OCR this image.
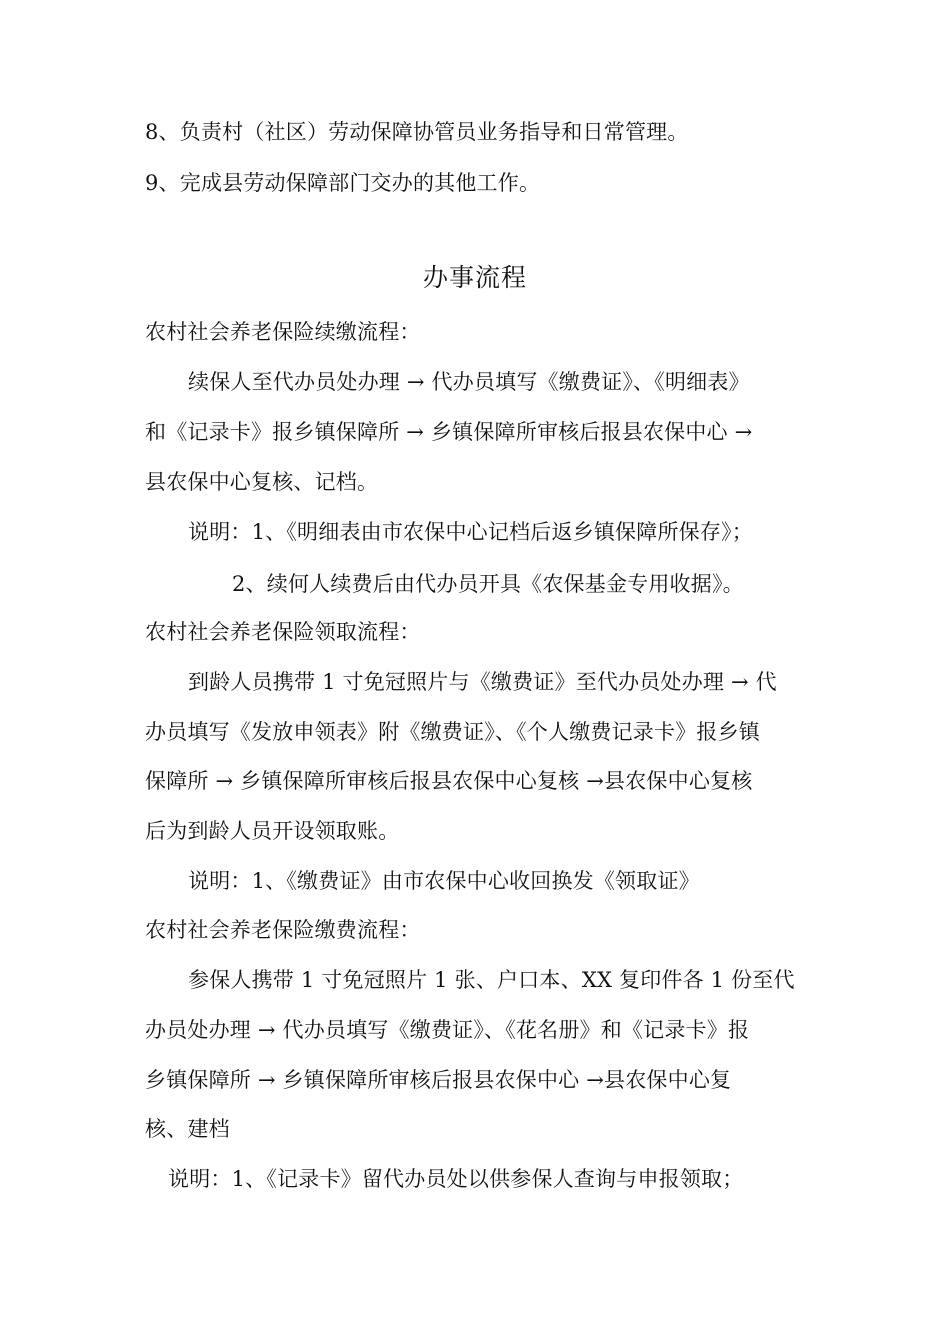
8、负责村（社区）劳动保障协管员业务指导和日常管理。
9、完成县劳动保障部门交办的其他工作。
办事流程
农村社会养老保险续缴流程：
续保人至代办员处办理 → 代办员填写《缴费证》、《明细表》
和《记录卡》报乡镇保障所 → 乡镇保障所审核后报县农保中心 →
县农保中心复核、记档。
说明：1、《明细表由市农保中心记档后返乡镇保障所保存》；
2、续何人续费后由代办员开具《农保基金专用收据》。
农村社会养老保险领取流程：
到龄人员携带 1 寸免冠照片与《缴费证》至代办员处办理 → 代
办员填写《发放申领表》附《缴费证》、《个人缴费记录卡》报乡镇
保障所 → 乡镇保障所审核后报县农保中心复核 →县农保中心复核
后为到龄人员开设领取账。
说明：1、《缴费证》由市农保中心收回换发《领取证》
农村社会养老保险缴费流程：
参保人携带 1 寸免冠照片 1 张、户口本、XX 复印件各 1 份至代
办员处办理 → 代办员填写《缴费证》、《花名册》和《记录卡》报
乡镇保障所 → 乡镇保障所审核后报县农保中心 →县农保中心复
核、建档
说明：1、《记录卡》留代办员处以供参保人查询与申报领取；
